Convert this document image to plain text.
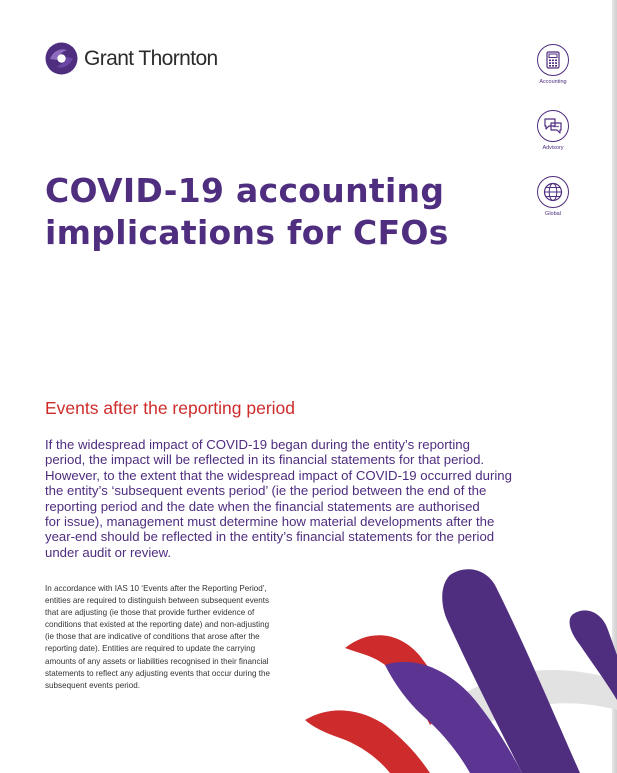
Grant Thornton
Accounting
Advisory
Global
COVID-19 accounting
implications for CFOs
Events after the reporting period

If the widespread impact of COVID-19 began during the entity’s reporting
period, the impact will be reflected in its financial statements for that period.
However, to the extent that the widespread impact of COVID-19 occurred during
the entity’s ‘subsequent events period’ (ie the period between the end of the
reporting period and the date when the financial statements are authorised
for issue), management must determine how material developments after the
year-end should be reflected in the entity’s financial statements for the period
under audit or review.

In accordance with IAS 10 ‘Events after the Reporting Period’,
entities are required to distinguish between subsequent events
that are adjusting (ie those that provide further evidence of
conditions that existed at the reporting date) and non-adjusting
(ie those that are indicative of conditions that arose after the
reporting date). Entities are required to update the carrying
amounts of any assets or liabilities recognised in their financial
statements to reflect any adjusting events that occur during the
subsequent events period.
